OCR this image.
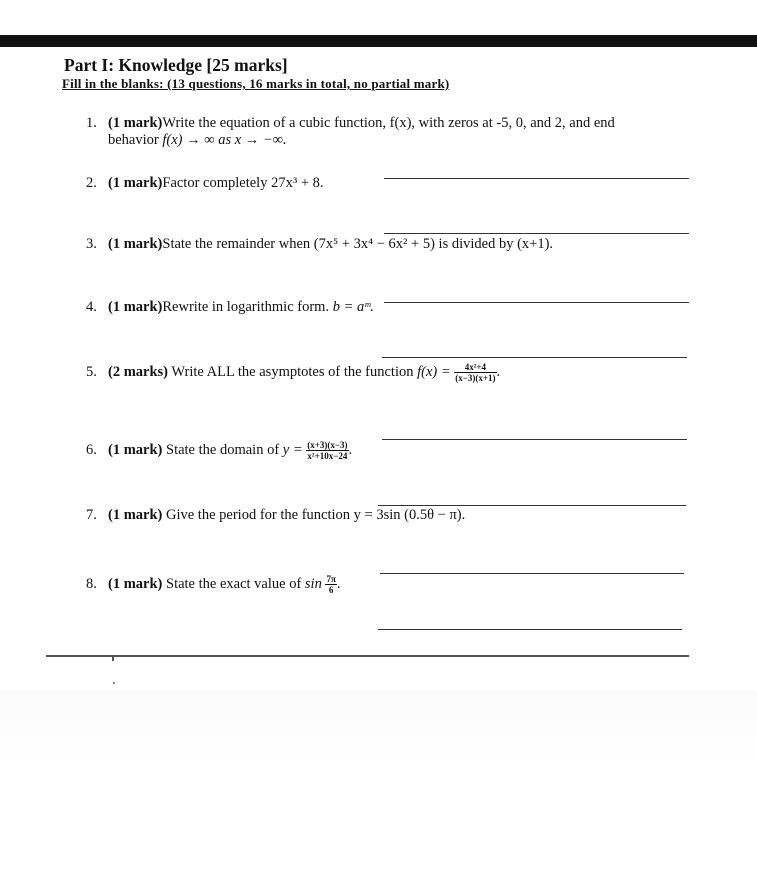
Part I: Knowledge [25 marks]
Fill in the blanks: (13 questions, 16 marks in total, no partial mark)
1. (1 mark)Write the equation of a cubic function, f(x), with zeros at -5, 0, and 2, and end
behavior f(x) → ∞ as x → −∞.
2. (1 mark)Factor completely 27x³ + 8.
3. (1 mark)State the remainder when (7x⁵ + 3x⁴ − 6x² + 5) is divided by (x+1).
4. (1 mark)Rewrite in logarithmic form. b = aᵐ.
5. (2 marks) Write ALL the asymptotes of the function $f(x) = \frac{\text{4x²+4}}{(x-3)(x+1)}$ .
6. (1 mark) State the domain of $y = \frac{(x+3)(x-3)}{\text{x²+10x−24}}$ .
7. (1 mark) Give the period for the function y = 3sin (0.5θ − π).
8. (1 mark) State the exact value of $\sin \frac{7\pi}{6}$ .
